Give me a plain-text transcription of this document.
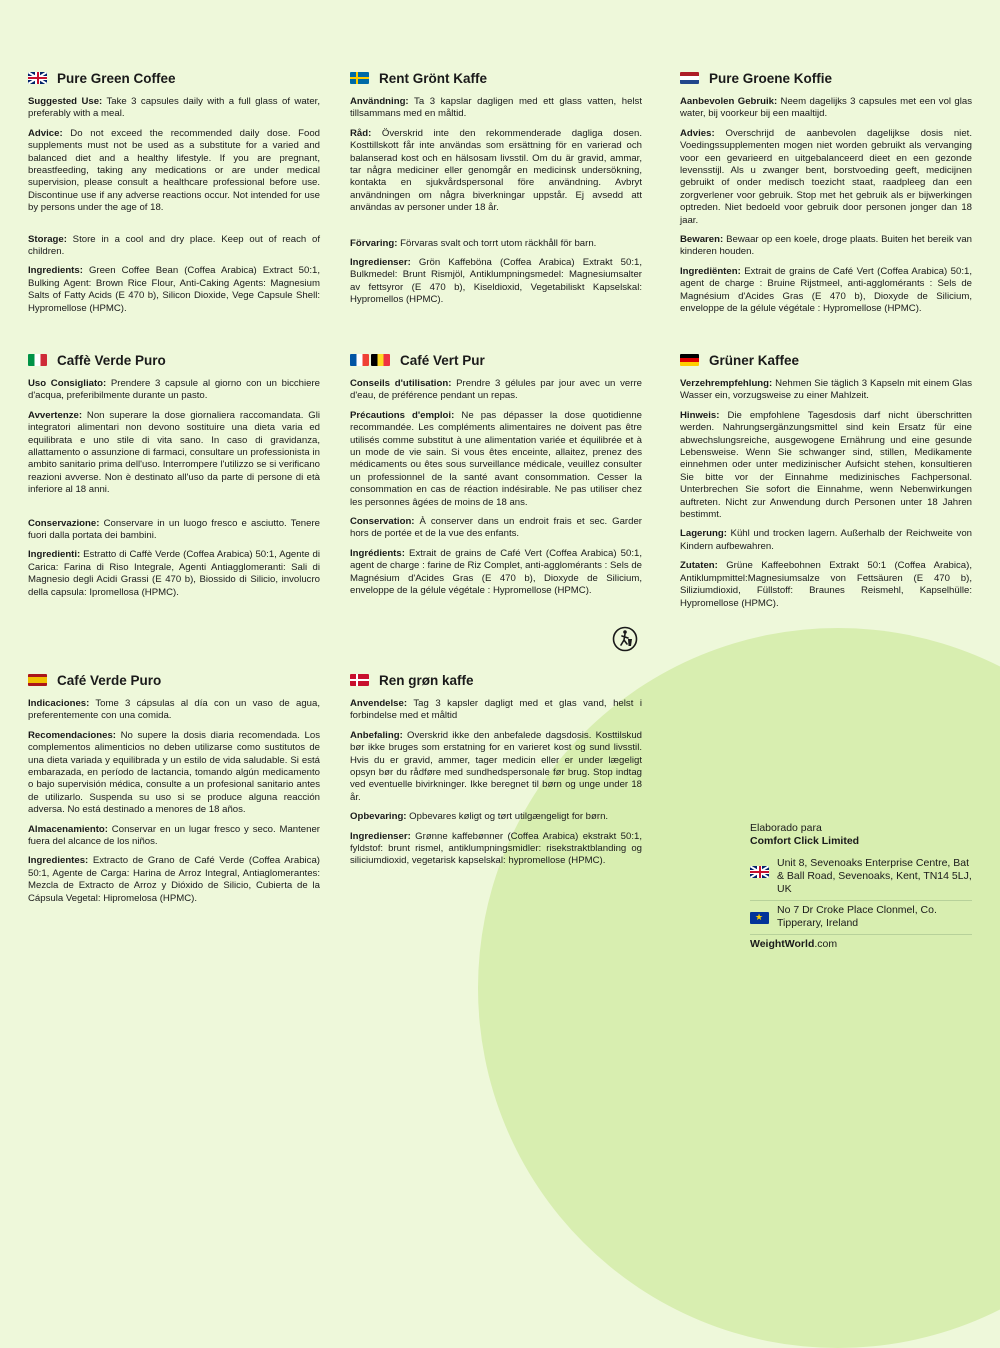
Pure Green Coffee

Suggested Use: Take 3 capsules daily with a full glass of water, preferably with a meal.

Advice: Do not exceed the recommended daily dose. Food supplements must not be used as a substitute for a varied and balanced diet and a healthy lifestyle. If you are pregnant, breastfeeding, taking any medications or are under medical supervision, please consult a healthcare professional before use. Discontinue use if any adverse reactions occur. Not intended for use by persons under the age of 18.

Storage: Store in a cool and dry place. Keep out of reach of children.

Ingredients: Green Coffee Bean (Coffea Arabica) Extract 50:1, Bulking Agent: Brown Rice Flour, Anti-Caking Agents: Magnesium Salts of Fatty Acids (E 470 b), Silicon Dioxide, Vege Capsule Shell: Hypromellose (HPMC).

Rent Grönt Kaffe

Användning: Ta 3 kapslar dagligen med ett glass vatten, helst tillsammans med en måltid.

Råd: Överskrid inte den rekommenderade dagliga dosen. Kosttillskott får inte användas som ersättning för en varierad och balanserad kost och en hälsosam livsstil. Om du är gravid, ammar, tar några mediciner eller genomgår en medicinsk undersökning, kontakta en sjukvårdspersonal före användning. Avbryt användningen om några biverkningar uppstår. Ej avsedd att användas av personer under 18 år.

Förvaring: Förvaras svalt och torrt utom räckhåll för barn.

Ingredienser: Grön Kaffeböna (Coffea Arabica) Extrakt 50:1, Bulkmedel: Brunt Rismjöl, Antiklumpningsmedel: Magnesiumsalter av fettsyror (E 470 b), Kiseldioxid, Vegetabiliskt Kapselskal: Hypromellos (HPMC).

Pure Groene Koffie

Aanbevolen Gebruik: Neem dagelijks 3 capsules met een vol glas water, bij voorkeur bij een maaltijd.

Advies: Overschrijd de aanbevolen dagelijkse dosis niet. Voedingssupplementen mogen niet worden gebruikt als vervanging voor een gevarieerd en uitgebalanceerd dieet en een gezonde levensstijl. Als u zwanger bent, borstvoeding geeft, medicijnen gebruikt of onder medisch toezicht staat, raadpleeg dan een zorgverlener voor gebruik. Stop met het gebruik als er bijwerkingen optreden. Niet bedoeld voor gebruik door personen jonger dan 18 jaar.

Bewaren: Bewaar op een koele, droge plaats. Buiten het bereik van kinderen houden.

Ingrediënten: Extrait de grains de Café Vert (Coffea Arabica) 50:1, agent de charge : Bruine Rijstmeel, anti-agglomérants : Sels de Magnésium d'Acides Gras (E 470 b), Dioxyde de Silicium, enveloppe de la gélule végétale : Hypromellose (HPMC).

Caffè Verde Puro

Uso Consigliato: Prendere 3 capsule al giorno con un bicchiere d'acqua, preferibilmente durante un pasto.

Avvertenze: Non superare la dose giornaliera raccomandata. Gli integratori alimentari non devono sostituire una dieta varia ed equilibrata e uno stile di vita sano. In caso di gravidanza, allattamento o assunzione di farmaci, consultare un professionista in ambito sanitario prima dell'uso. Interrompere l'utilizzo se si verificano reazioni avverse. Non è destinato all'uso da parte di persone di età inferiore al 18 anni.

Conservazione: Conservare in un luogo fresco e asciutto. Tenere fuori dalla portata dei bambini.

Ingredienti: Estratto di Caffè Verde (Coffea Arabica) 50:1, Agente di Carica: Farina di Riso Integrale, Agenti Antiagglomeranti: Sali di Magnesio degli Acidi Grassi (E 470 b), Biossido di Silicio, involucro della capsula: Ipromellosa (HPMC).

Café Vert Pur

Conseils d'utilisation: Prendre 3 gélules par jour avec un verre d'eau, de préférence pendant un repas.

Précautions d'emploi: Ne pas dépasser la dose quotidienne recommandée. Les compléments alimentaires ne doivent pas être utilisés comme substitut à une alimentation variée et équilibrée et à un mode de vie sain. Si vous êtes enceinte, allaitez, prenez des médicaments ou êtes sous surveillance médicale, veuillez consulter un professionnel de la santé avant consommation. Cesser la consommation en cas de réaction indésirable. Ne pas utiliser chez les personnes âgées de moins de 18 ans.

Conservation: À conserver dans un endroit frais et sec. Garder hors de portée et de la vue des enfants.

Ingrédients: Extrait de grains de Café Vert (Coffea Arabica) 50:1, agent de charge : farine de Riz Complet, anti-agglomérants : Sels de Magnésium d'Acides Gras (E 470 b), Dioxyde de Silicium, enveloppe de la gélule végétale : Hypromellose (HPMC).

Grüner Kaffee

Verzehrempfehlung: Nehmen Sie täglich 3 Kapseln mit einem Glas Wasser ein, vorzugsweise zu einer Mahlzeit.

Hinweis: Die empfohlene Tagesdosis darf nicht überschritten werden. Nahrungsergänzungsmittel sind kein Ersatz für eine abwechslungsreiche, ausgewogene Ernährung und eine gesunde Lebensweise. Wenn Sie schwanger sind, stillen, Medikamente einnehmen oder unter medizinischer Aufsicht stehen, konsultieren Sie bitte vor der Einnahme medizinisches Fachpersonal. Unterbrechen Sie sofort die Einnahme, wenn Nebenwirkungen auftreten. Nicht zur Anwendung durch Personen unter 18 Jahren bestimmt.

Lagerung: Kühl und trocken lagern. Außerhalb der Reichweite von Kindern aufbewahren.

Zutaten: Grüne Kaffeebohnen Extrakt 50:1 (Coffea Arabica), Antiklumpmittel:Magnesiumsalze von Fettsäuren (E 470 b), Siliziumdioxid, Füllstoff: Braunes Reismehl, Kapselhülle: Hypromellose (HPMC).

Café Verde Puro

Indicaciones: Tome 3 cápsulas al día con un vaso de agua, preferentemente con una comida.

Recomendaciones: No supere la dosis diaria recomendada. Los complementos alimenticios no deben utilizarse como sustitutos de una dieta variada y equilibrada y un estilo de vida saludable. Si está embarazada, en período de lactancia, tomando algún medicamento o bajo supervisión médica, consulte a un profesional sanitario antes de utilizarlo. Suspenda su uso si se produce alguna reacción adversa. No está destinado a menores de 18 años.

Almacenamiento: Conservar en un lugar fresco y seco. Mantener fuera del alcance de los niños.

Ingredientes: Extracto de Grano de Café Verde (Coffea Arabica) 50:1, Agente de Carga: Harina de Arroz Integral, Antiaglomerantes: Mezcla de Extracto de Arroz y Dióxido de Silicio, Cubierta de la Cápsula Vegetal: Hipromelosa (HPMC).

Ren grøn kaffe

Anvendelse: Tag 3 kapsler dagligt med et glas vand, helst i forbindelse med et måltid

Anbefaling: Overskrid ikke den anbefalede dagsdosis. Kosttilskud bør ikke bruges som erstatning for en varieret kost og sund livsstil. Hvis du er gravid, ammer, tager medicin eller er under lægeligt opsyn bør du rådføre med sundhedspersonale før brug. Stop indtag ved eventuelle bivirkninger. Ikke beregnet til børn og unge under 18 år.

Opbevaring: Opbevares køligt og tørt utilgængeligt for børn.

Ingredienser: Grønne kaffebønner (Coffea Arabica) ekstrakt 50:1, fyldstof: brunt rismel, antiklumpningsmidler: risekstraktblanding og siliciumdioxid, vegetarisk kapselskal: hypromellose (HPMC).

Elaborado para
Comfort Click Limited
Unit 8, Sevenoaks Enterprise Centre, Bat & Ball Road, Sevenoaks, Kent, TN14 5LJ, UK
★
No 7 Dr Croke Place Clonmel, Co. Tipperary, Ireland
WeightWorld.com
